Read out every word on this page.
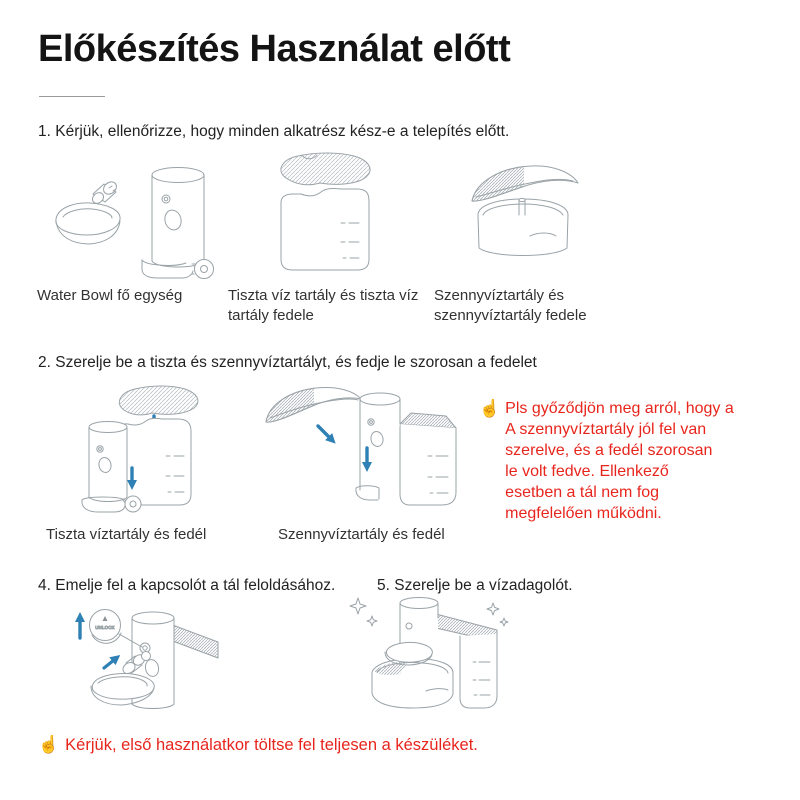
Előkészítés Használat előtt
1. Kérjük, ellenőrizze, hogy minden alkatrész kész-e a telepítés előtt.
Water Bowl fő egység	Tiszta víz tartály és tiszta víz tartály fedele
Szennyvíztartály és szennyvíztartály fedele
2. Szerelje be a tiszta és szennyvíztartályt, és fedje le szorosan a fedelet
Tiszta víztartály és fedél	Szennyvíztartály és fedél
☝ Pls győződjön meg arról, hogy a
A szennyvíztartály jól fel van
szerelve, és a fedél szorosan
le volt fedve. Ellenkező
esetben a tál nem fog
megfelelően működni.
4. Emelje fel a kapcsolót a tál feloldásához.	5. Szerelje be a vízadagolót.
UNLOCK
☝ Kérjük, első használatkor töltse fel teljesen a készüléket.
